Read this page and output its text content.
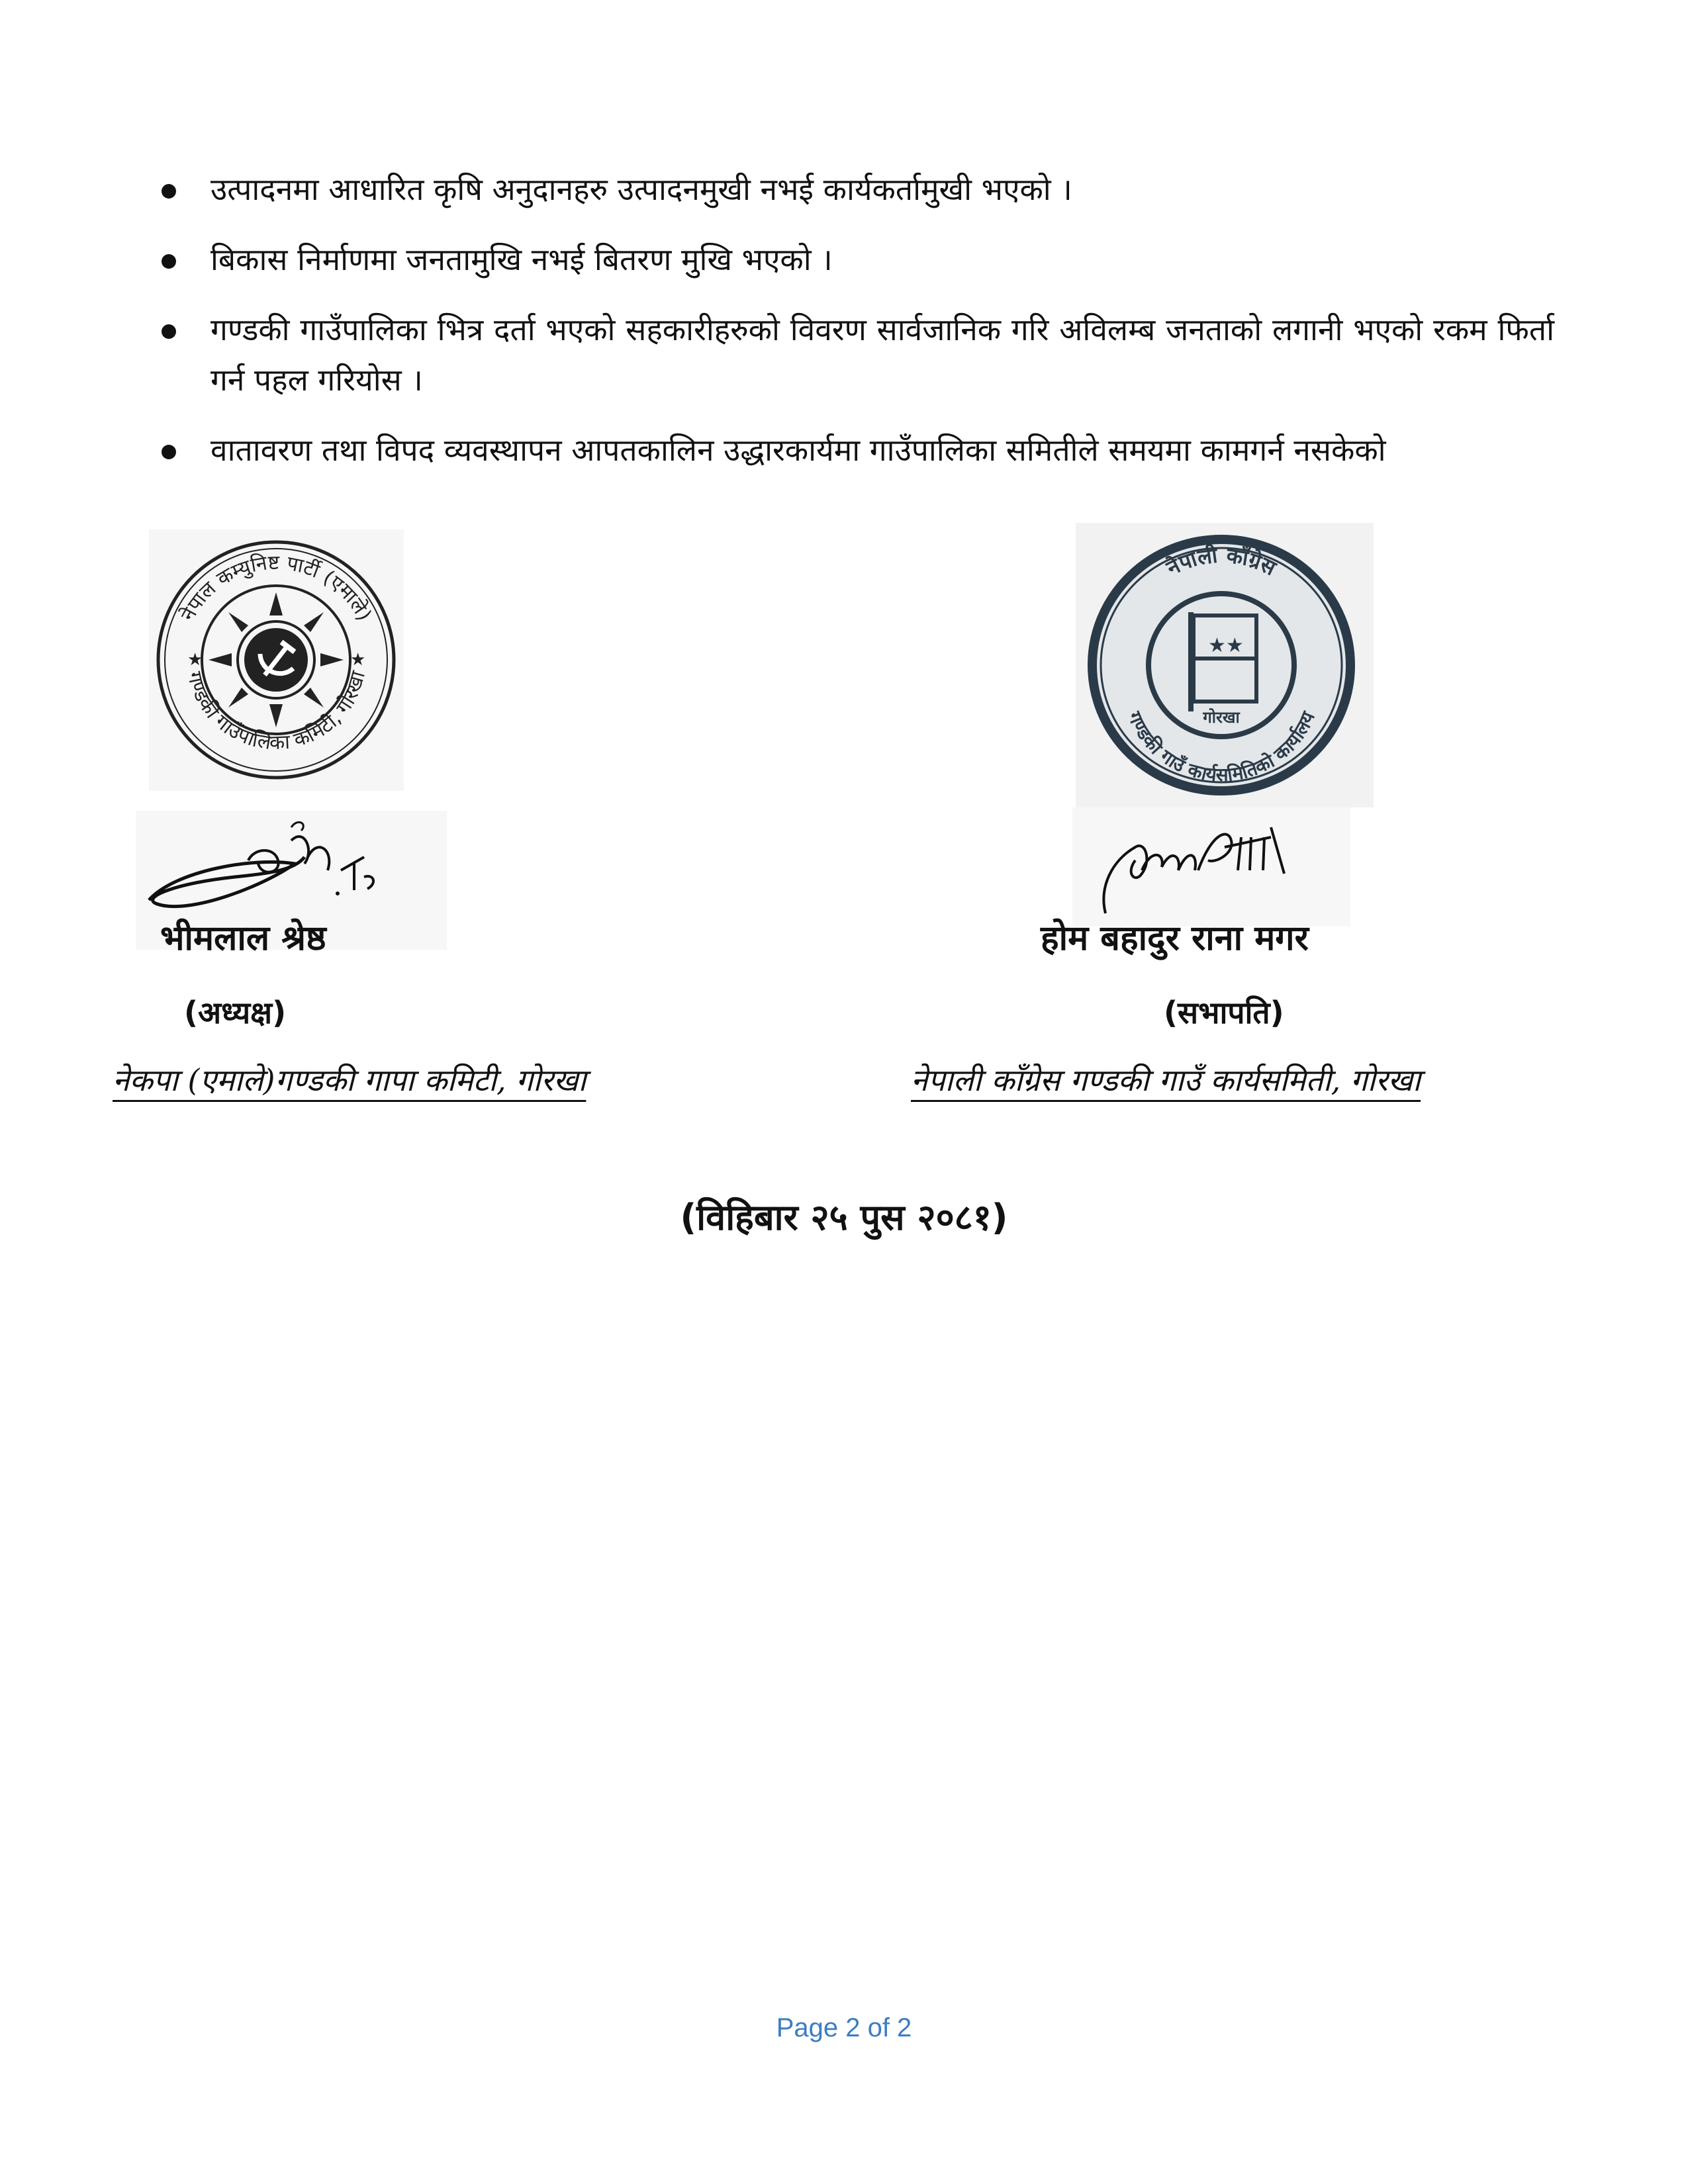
उत्पादनमा आधारित कृषि अनुदानहरु उत्पादनमुखी नभई कार्यकर्तामुखी भएको ।
बिकास निर्माणमा जनतामुखि नभई बितरण मुखि भएको ।
गण्डकी गाउँपालिका भित्र दर्ता भएको सहकारीहरुको विवरण सार्वजानिक गरि अविलम्ब जनताको लगानी भएको रकम फिर्ता गर्न पहल गरियोस ।
वातावरण तथा विपद व्यवस्थापन आपतकालिन उद्धारकार्यमा गाउँपालिका समितीले समयमा कामगर्न नसकेको
नेपाल कम्युनिष्ट पार्टी (एमाले)
गण्डकी गाउँपालिका कमिटी, गोरखा
★	★
भीमलाल श्रेष्ठ
(अध्यक्ष)
नेकपा (एमाले)गण्डकी गापा कमिटी, गोरखा
नेपाली काँग्रेस
गण्डकी गाउँ कार्यसमितिको कार्यालय
★★
गोरखा
होम बहादुर राना मगर
(सभापति)
नेपाली काँग्रेस गण्डकी गाउँ कार्यसमिती, गोरखा
(विहिबार २५ पुस २०८१)
Page 2 of 2
